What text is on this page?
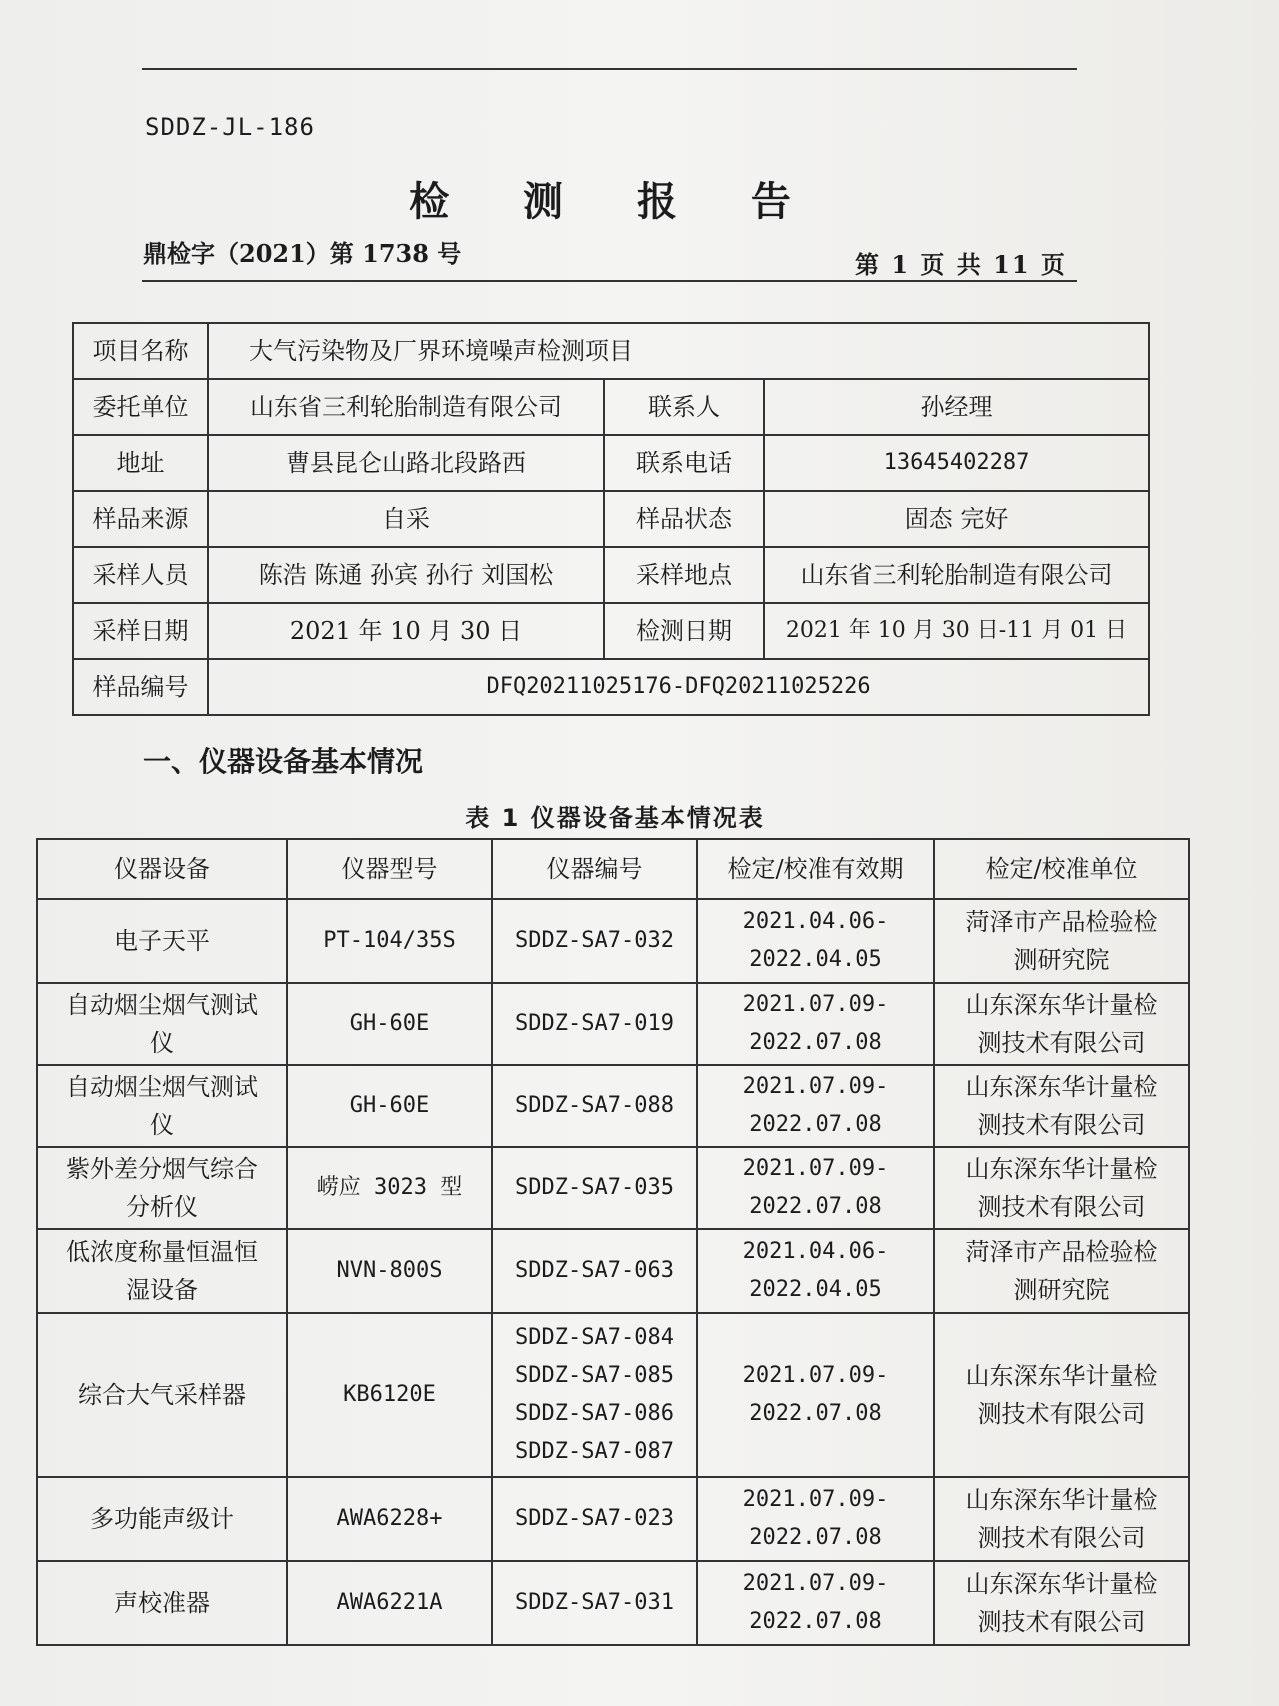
SDDZ-JL-186
检 测 报 告
鼎检字（2021）第 1738 号	第 1 页 共 11 页
项目名称	大气污染物及厂界环境噪声检测项目		
委托单位	山东省三利轮胎制造有限公司	联系人	孙经理
地址	曹县昆仑山路北段路西	联系电话	13645402287
样品来源	自采	样品状态	固态 完好
采样人员	陈浩 陈通 孙宾 孙行 刘国松	采样地点	山东省三利轮胎制造有限公司
采样日期	2021 年 10 月 30 日	检测日期	2021 年 10 月 30 日-11 月 01 日
样品编号	DFQ20211025176-DFQ20211025226		
一、仪器设备基本情况
表 1 仪器设备基本情况表
仪器设备	仪器型号	仪器编号	检定/校准有效期	检定/校准单位
电子天平	PT-104/35S	SDDZ-SA7-032	2021.04.06-
2022.04.05	菏泽市产品检验检
测研究院

自动烟尘烟气测试
仪	GH-60E	SDDZ-SA7-019	2021.07.09-
2022.07.08	山东深东华计量检
测技术有限公司

自动烟尘烟气测试
仪	GH-60E	SDDZ-SA7-088	2021.07.09-
2022.07.08	山东深东华计量检
测技术有限公司

紫外差分烟气综合
分析仪	崂应 3023 型	SDDZ-SA7-035	2021.07.09-
2022.07.08	山东深东华计量检
测技术有限公司

低浓度称量恒温恒
湿设备	NVN-800S	SDDZ-SA7-063	2021.04.06-
2022.04.05	菏泽市产品检验检
测研究院

综合大气采样器	KB6120E	SDDZ-SA7-084
SDDZ-SA7-085
SDDZ-SA7-086
SDDZ-SA7-087	2021.07.09-
2022.07.08	山东深东华计量检
测技术有限公司

多功能声级计	AWA6228+	SDDZ-SA7-023	2021.07.09-
2022.07.08	山东深东华计量检
测技术有限公司

声校准器	AWA6221A	SDDZ-SA7-031	2021.07.09-
2022.07.08	山东深东华计量检
测技术有限公司
